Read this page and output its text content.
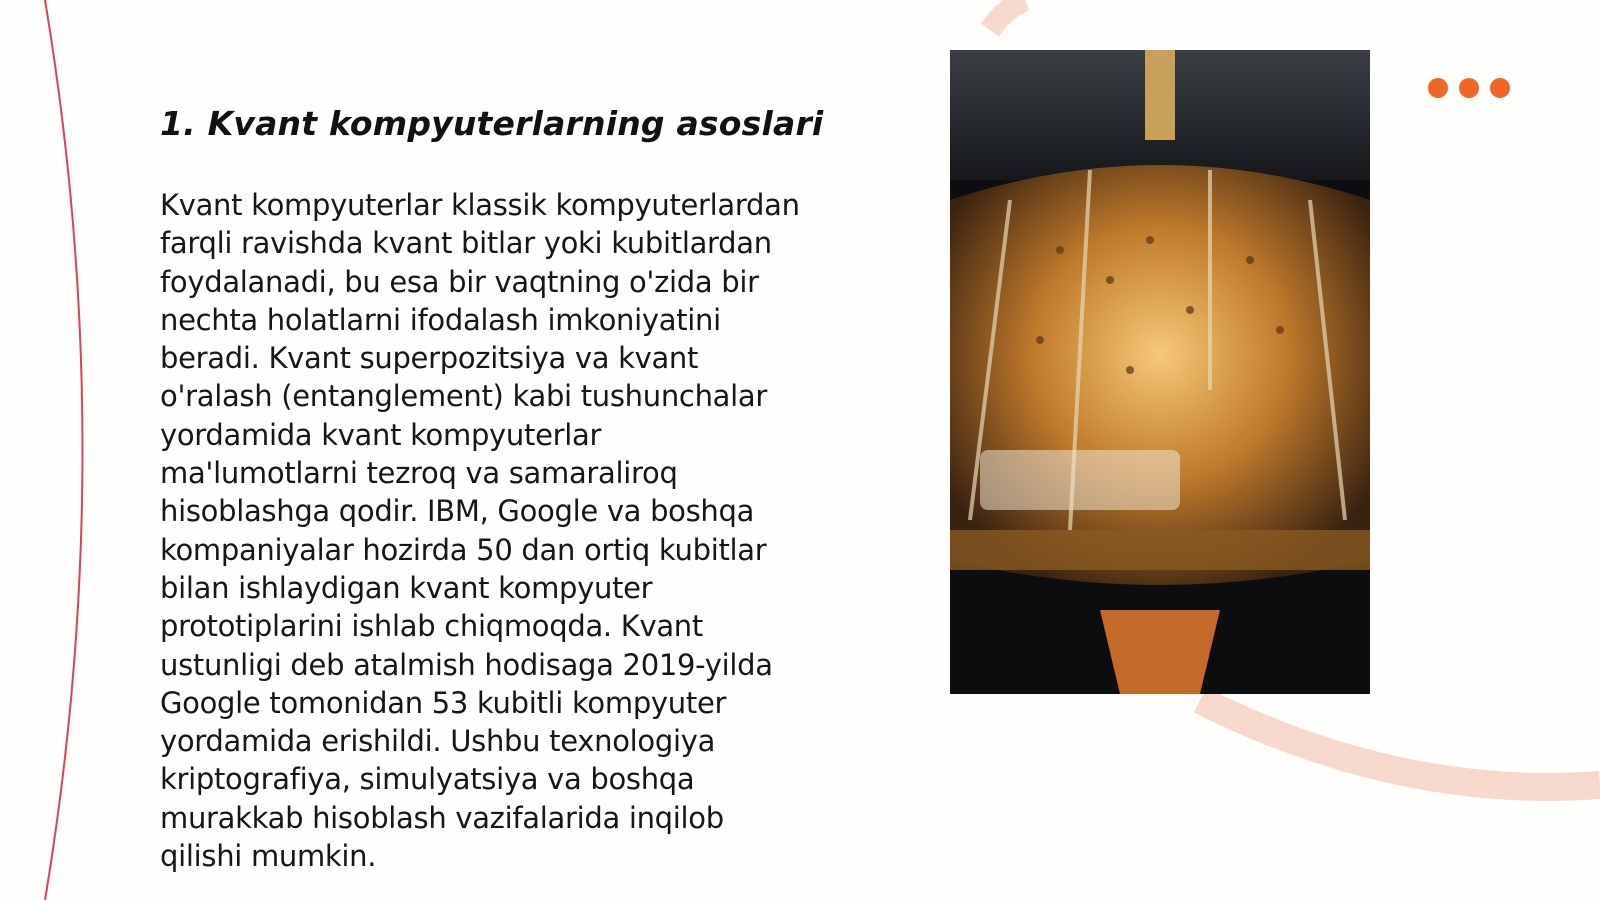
1. Kvant kompyuterlarning asoslari

Kvant kompyuterlar klassik kompyuterlardan
farqli ravishda kvant bitlar yoki kubitlardan
foydalanadi, bu esa bir vaqtning o'zida bir
nechta holatlarni ifodalash imkoniyatini
beradi. Kvant superpozitsiya va kvant
o'ralash (entanglement) kabi tushunchalar
yordamida kvant kompyuterlar
ma'lumotlarni tezroq va samaraliroq
hisoblashga qodir. IBM, Google va boshqa
kompaniyalar hozirda 50 dan ortiq kubitlar
bilan ishlaydigan kvant kompyuter
prototiplarini ishlab chiqmoqda. Kvant
ustunligi deb atalmish hodisaga 2019-yilda
Google tomonidan 53 kubitli kompyuter
yordamida erishildi. Ushbu texnologiya
kriptografiya, simulyatsiya va boshqa
murakkab hisoblash vazifalarida inqilob
qilishi mumkin.
